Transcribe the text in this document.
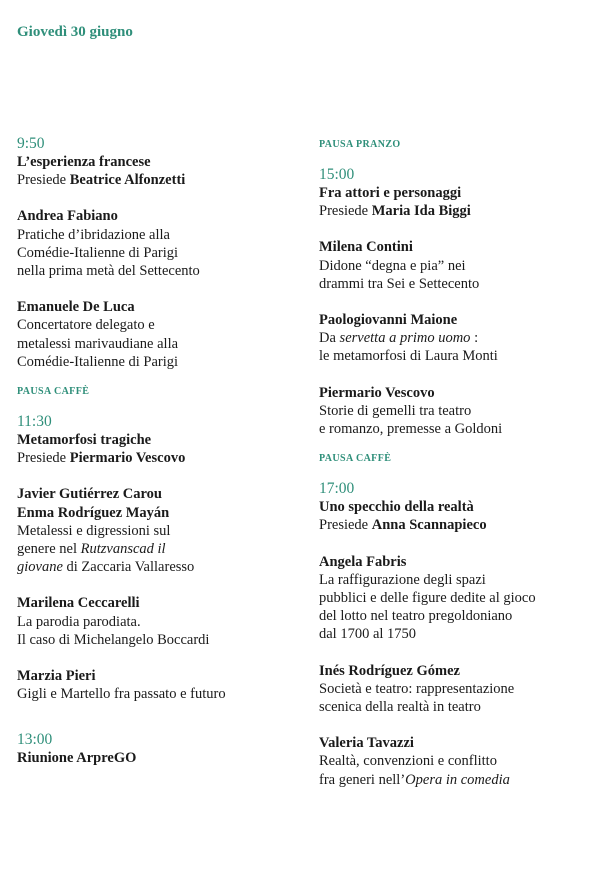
Giovedì 30 giugno
9:50
L’esperienza francese
Presiede Beatrice Alfonzetti
Andrea Fabiano
Pratiche d’ibridazione alla
Comédie-Italienne di Parigi
nella prima metà del Settecento
Emanuele De Luca
Concertatore delegato e
metalessi marivaudiane alla
Comédie-Italienne di Parigi
PAUSA CAFFÈ
11:30
Metamorfosi tragiche
Presiede Piermario Vescovo
Javier Gutiérrez Carou
Enma Rodríguez Mayán
Metalessi e digressioni sul
genere nel Rutzvanscad il
giovane di Zaccaria Vallaresso
Marilena Ceccarelli
La parodia parodiata.
Il caso di Michelangelo Boccardi
Marzia Pieri
Gigli e Martello fra passato e futuro
13:00
Riunione ArpreGO
PAUSA PRANZO
15:00
Fra attori e personaggi
Presiede Maria Ida Biggi
Milena Contini
Didone “degna e pia” nei
drammi tra Sei e Settecento
Paologiovanni Maione
Da servetta a primo uomo :
le metamorfosi di Laura Monti
Piermario Vescovo
Storie di gemelli tra teatro
e romanzo, premesse a Goldoni
PAUSA CAFFÈ
17:00
Uno specchio della realtà
Presiede Anna Scannapieco
Angela Fabris
La raffigurazione degli spazi
pubblici e delle figure dedite al gioco
del lotto nel teatro pregoldoniano
dal 1700 al 1750
Inés Rodríguez Gómez
Società e teatro: rappresentazione
scenica della realtà in teatro
Valeria Tavazzi
Realtà, convenzioni e conflitto
fra generi nell’Opera in comedia
